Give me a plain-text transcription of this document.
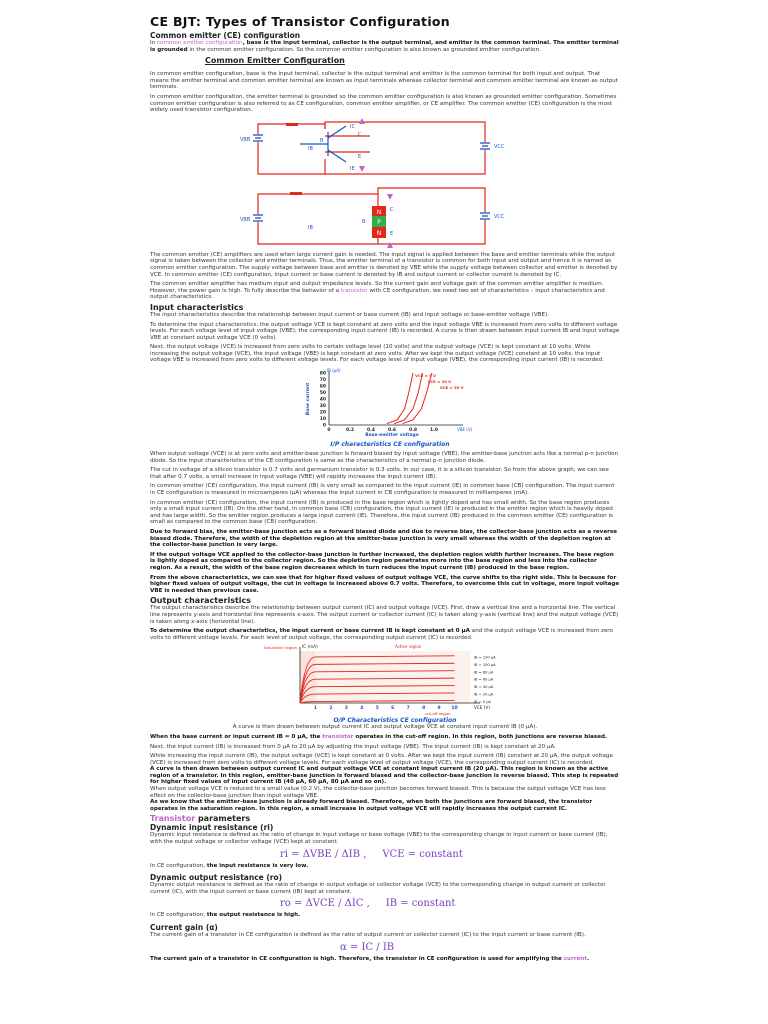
CE BJT: Types of Transistor Configuration
Common emitter (CE) configuration

In common emitter configuration, base is the input terminal, collector is the output terminal, and emitter is the common terminal. The emitter terminal is grounded in the common emitter configuration. So the common emitter configuration is also known as grounded emitter configuration.

Common Emitter Configuration

In common emitter configuration, base is the input terminal, collector is the output terminal and emitter is the common terminal for both input and output. That means the emitter terminal and common emitter terminal are known as input terminals whereas collector terminal and common emitter terminal are known as output terminals.

In common emitter configuration, the emitter terminal is grounded so the common emitter configuration is also known as grounded emitter configuration. Sometimes common emitter configuration is also referred to as CE configuration, common emitter amplifier, or CE amplifier. The common emitter (CE) configuration is the most widely used transistor configuration.

N
P
N
VBB
VCC
VBB	VCC
IB
IC
IE
B
C
E
B
C
E
IB

The common emitter (CE) amplifiers are used when large current gain is needed. The input signal is applied between the base and emitter terminals while the output signal is taken between the collector and emitter terminals. Thus, the emitter terminal of a transistor is common for both input and output and hence it is named as common emitter configuration. The supply voltage between base and emitter is denoted by VBE while the supply voltage between collector and emitter is denoted by VCE. In common emitter (CE) configuration, input current or base current is denoted by IB and output current or collector current is denoted by IC.

The common emitter amplifier has medium input and output impedance levels. So the current gain and voltage gain of the common emitter amplifier is medium. However, the power gain is high. To fully describe the behavior of a transistor with CE configuration, we need two set of characteristics – input characteristics and output characteristics.

Input characteristics

The input characteristics describe the relationship between input current or base current (IB) and input voltage or base-emitter voltage (VBE).

To determine the input characteristics, the output voltage VCE is kept constant at zero volts and the input voltage VBE is increased from zero volts to different voltage levels. For each voltage level of input voltage (VBE), the corresponding input current (IB) is recorded. A curve is then drawn between input current IB and input voltage VBE at constant output voltage VCE (0 volts).

Next, the output voltage (VCE) is increased from zero volts to certain voltage level (10 volts) and the output voltage (VCE) is kept constant at 10 volts. While increasing the output voltage (VCE), the input voltage (VBE) is kept constant at zero volts. After we kept the output voltage (VCE) constant at 10 volts, the input voltage VBE is increased from zero volts to different voltage levels. For each voltage level of input voltage (VBE), the corresponding input current (IB) is recorded.

80
70
60
50
40
30
20
10
0
0	0.2	0.4	0.6	0.8	1.0
IB (μA)
VBE (V)
Base-emitter voltage
Base current
VCE = 0 V
VCE = 10 V
VCE = 20 V
I/P characteristics CE configuration

When output voltage (VCE) is at zero volts and emitter-base junction is forward biased by input voltage (VBE), the emitter-base junction acts like a normal p-n junction diode. So the input characteristics of the CE configuration is same as the characteristics of a normal p-n junction diode.

The cut in voltage of a silicon transistor is 0.7 volts and germanium transistor is 0.3 volts. In our case, it is a silicon transistor. So from the above graph, we can see that after 0.7 volts, a small increase in input voltage (VBE) will rapidly increases the input current (IB).

In common emitter (CE) configuration, the input current (IB) is very small as compared to the input current (IE) in common base (CB) configuration. The input current in CE configuration is measured in microamperes (μA) whereas the input current in CB configuration is measured in milliamperes (mA).

In common emitter (CE) configuration, the input current (IB) is produced in the base region which is lightly doped and has small width. So the base region produces only a small input current (IB). On the other hand, in common base (CB) configuration, the input current (IE) is produced in the emitter region which is heavily doped and has large width. So the emitter region produces a large input current (IE). Therefore, the input current (IB) produced in the common emitter (CE) configuration is small as compared to the common base (CB) configuration.

Due to forward bias, the emitter-base junction acts as a forward biased diode and due to reverse bias, the collector-base junction acts as a reverse biased diode. Therefore, the width of the depletion region at the emitter-base junction is very small whereas the width of the depletion region at the collector-base junction is very large.

If the output voltage VCE applied to the collector-base junction is further increased, the depletion region width further increases. The base region is lightly doped as compared to the collector region. So the depletion region penetrates more into the base region and less into the collector region. As a result, the width of the base region decreases which in turn reduces the input current (IB) produced in the base region.

From the above characteristics, we can see that for higher fixed values of output voltage VCE, the curve shifts to the right side. This is because for higher fixed values of output voltage, the cut in voltage is increased above 0.7 volts. Therefore, to overcome this cut in voltage, more input voltage VBE is needed than previous case.

Output characteristics

The output characteristics describe the relationship between output current (IC) and output voltage (VCE). First, draw a vertical line and a horizontal line. The vertical line represents y-axis and horizontal line represents x-axis. The output current or collector current (IC) is taken along y-axis (vertical line) and the output voltage (VCE) is taken along x-axis (horizontal line).

To determine the output characteristics, the input current or base current IB is kept constant at 0 μA and the output voltage VCE is increased from zero volts to different voltage levels. For each level of output voltage, the corresponding output current (IC) is recorded.

1	2	3	4	5	6	7	8	9 10	VCE (V)
IC (mA)
Saturation region	Active region
cut-off region
IB = 120 μA
IB = 100 μA
IB = 80 μA
IB = 60 μA
IB = 40 μA
IB = 20 μA
IB = 0 μA
O/P Characteristics CE configuration

A curve is then drawn between output current IC and output voltage VCE at constant input current IB (0 μA).

When the base current or input current IB = 0 μA, the transistor operates in the cut-off region. In this region, both junctions are reverse biased.

Next, the input current (IB) is increased from 0 μA to 20 μA by adjusting the input voltage (VBE). The input current (IB) is kept constant at 20 μA.

While increasing the input current (IB), the output voltage (VCE) is kept constant at 0 volts. After we kept the input current (IB) constant at 20 μA, the output voltage (VCE) is increased from zero volts to different voltage levels. For each voltage level of output voltage (VCE), the corresponding output current (IC) is recorded.

A curve is then drawn between output current IC and output voltage VCE at constant input current IB (20 μA). This region is known as the active region of a transistor. In this region, emitter-base junction is forward biased and the collector-base junction is reverse biased. This step is repeated for higher fixed values of input current IB (40 μA, 60 μA, 80 μA and so on).

When output voltage VCE is reduced to a small value (0.2 V), the collector-base junction becomes forward biased. This is because the output voltage VCE has less effect on the collector-base junction than input voltage VBE.

As we know that the emitter-base junction is already forward biased. Therefore, when both the junctions are forward biased, the transistor operates in the saturation region. In this region, a small increase in output voltage VCE will rapidly increases the output current IC.

Transistor parameters
Dynamic input resistance (ri)

Dynamic input resistance is defined as the ratio of change in input voltage or base voltage (VBE) to the corresponding change in input current or base current (IB), with the output voltage or collector voltage (VCE) kept at constant.

ri = ΔVBE / ΔIB , VCE = constant

In CE configuration, the input resistance is very low.

Dynamic output resistance (ro)

Dynamic output resistance is defined as the ratio of change in output voltage or collector voltage (VCE) to the corresponding change in output current or collector current (IC), with the input current or base current (IB) kept at constant.

ro = ΔVCE / ΔIC , IB = constant

In CE configuration, the output resistance is high.

Current gain (α)

The current gain of a transistor in CE configuration is defined as the ratio of output current or collector current (IC) to the input current or base current (IB).

α = IC / IB

The current gain of a transistor in CE configuration is high. Therefore, the transistor in CE configuration is used for amplifying the current.
